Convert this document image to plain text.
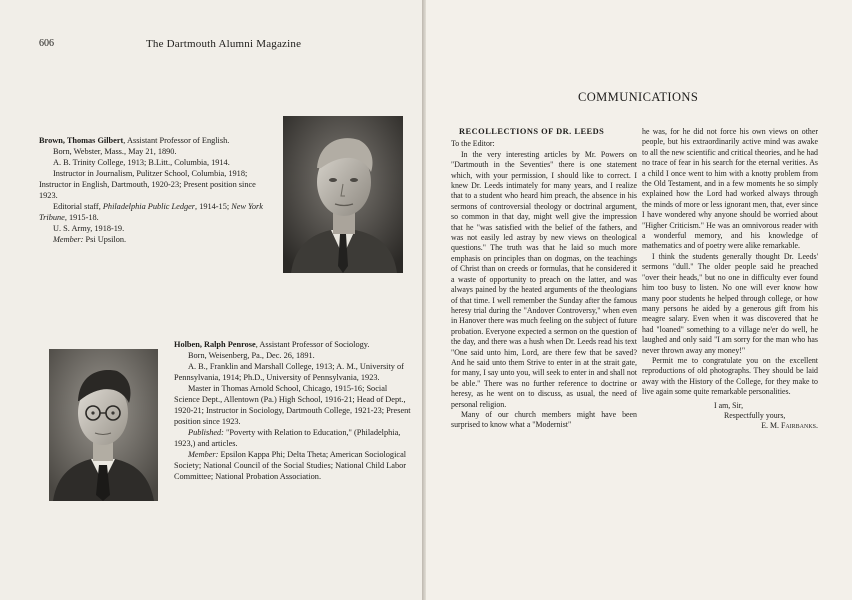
606	The Dartmouth Alumni Magazine

Brown, Thomas Gilbert, Assistant Professor of English.

Born, Webster, Mass., May 21, 1890.

A. B. Trinity College, 1913; B.Litt., Columbia, 1914.

Instructor in Journalism, Pulitzer School, Columbia, 1918; Instructor in English, Dartmouth, 1920-23; Present position since 1923.

Editorial staff, Philadelphia Public Ledger, 1914-15; New York Tribune, 1915-18.

U. S. Army, 1918-19.

Member: Psi Upsilon.

Holben, Ralph Penrose, Assistant Professor of Sociology.

Born, Weisenberg, Pa., Dec. 26, 1891.

A. B., Franklin and Marshall College, 1913; A. M., University of Pennsylvania, 1914; Ph.D., University of Pennsylvania, 1923.

Master in Thomas Arnold School, Chicago, 1915-16; Social Science Dept., Allentown (Pa.) High School, 1916-21; Head of Dept., 1920-21; Instructor in Sociology, Dartmouth College, 1921-23; Present position since 1923.

Published: "Poverty with Relation to Education," (Philadelphia, 1923,) and articles.

Member: Epsilon Kappa Phi; Delta Theta; American Sociological Society; National Council of the Social Studies; National Child Labor Committee; National Probation Association.

COMMUNICATIONS

RECOLLECTIONS OF DR. LEEDS

To the Editor:

In the very interesting articles by Mr. Powers on "Dartmouth in the Seventies" there is one statement which, with your permission, I should like to correct. I knew Dr. Leeds intimately for many years, and I realize that to a student who heard him preach, the absence in his sermons of controversial theology or doctrinal argument, so common in that day, might well give the impression that he "was satisfied with the belief of the fathers, and was not easily led astray by new views on theological questions." The truth was that he laid so much more emphasis on principles than on dogmas, on the teachings of Christ than on creeds or formulas, that he considered it a waste of opportunity to preach on the latter, and was always pained by the heated arguments of the theologians of that time. I well remember the Sunday after the famous heresy trial during the "Andover Controversy," when even in Hanover there was much feeling on the subject of future probation. Everyone expected a sermon on the question of the day, and there was a hush when Dr. Leeds read his text "One said unto him, Lord, are there few that be saved? And he said unto them Strive to enter in at the strait gate, for many, I say unto you, will seek to enter in and shall not be able." There was no further reference to doctrine or heresy, as he went on to discuss, as usual, the need of personal religion.

Many of our church members might have been surprised to know what a "Modernist"

he was, for he did not force his own views on other people, but his extraordinarily active mind was awake to all the new scientific and critical theories, and he had no trace of fear in his search for the eternal verities. As a child I once went to him with a knotty problem from the Old Testament, and in a few moments he so simply explained how the Lord had worked always through the minds of more or less ignorant men, that, ever since I have wondered why anyone should be worried about "Higher Criticism." He was an omnivorous reader with a wonderful memory, and his knowledge of mathematics and of poetry were alike remarkable.

I think the students generally thought Dr. Leeds' sermons "dull." The older people said he preached "over their heads," but no one in difficulty ever found him too busy to listen. No one will ever know how many poor students he helped through college, or how many persons he aided by a generous gift from his meagre salary. Even when it was discovered that he had "loaned" something to a village ne'er do well, he laughed and only said "I am sorry for the man who has never thrown away any money!"

Permit me to congratulate you on the excellent reproductions of old photographs. They should be laid away with the History of the College, for they make to live again some quite remarkable personalities.

I am, Sir,

Respectfully yours,

E. M. Fairbanks.
